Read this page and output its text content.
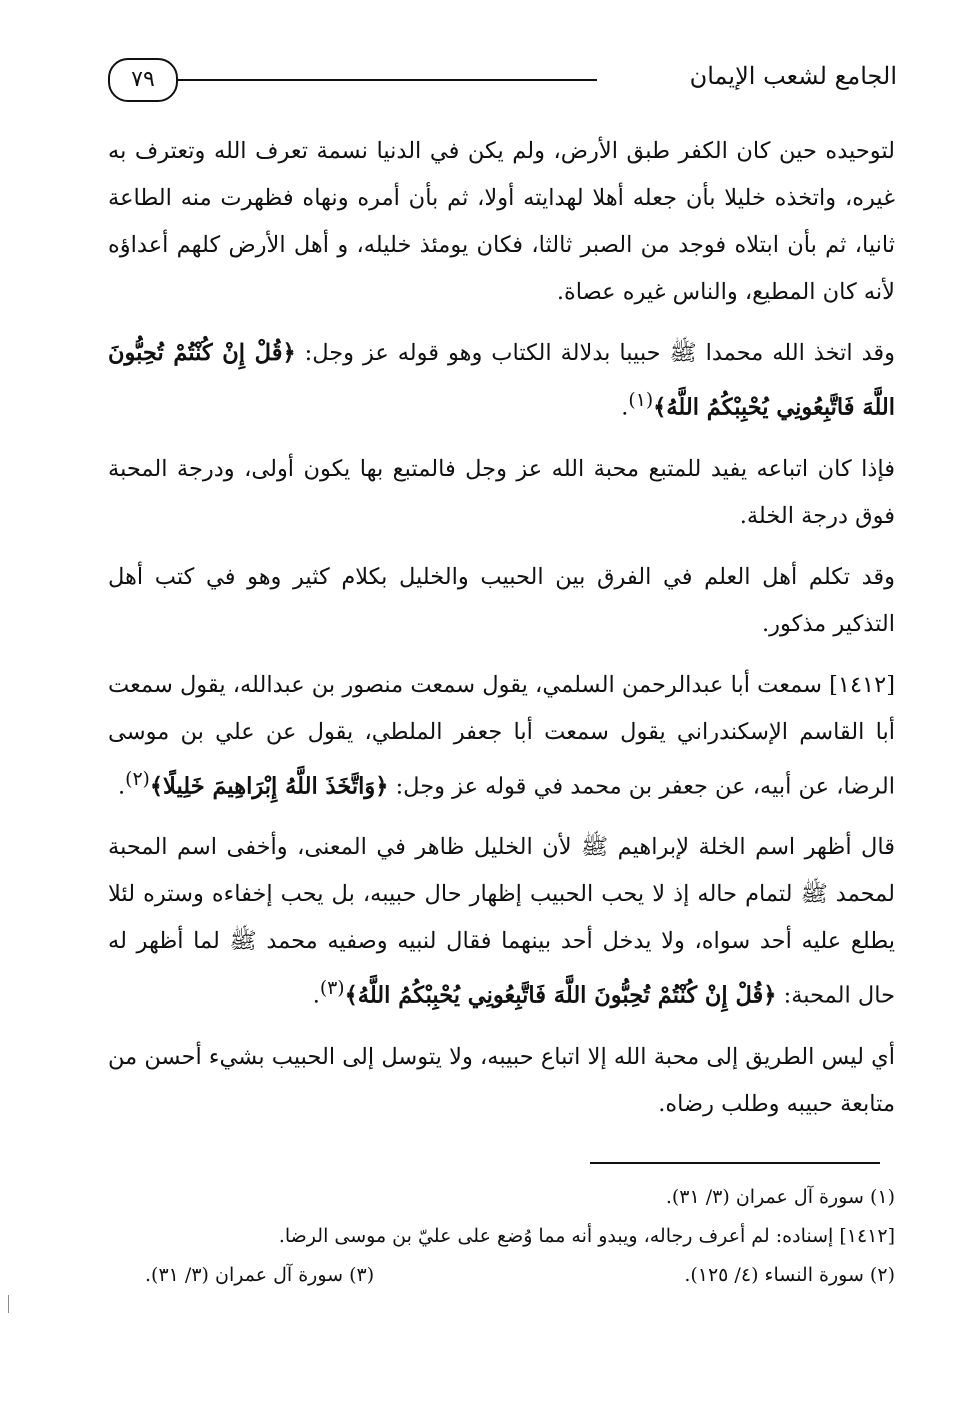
٧٩	الجامع لشعب الإيمان

لتوحيده حين كان الكفر طبق الأرض، ولم يكن في الدنيا نسمة تعرف الله وتعترف به غيره، واتخذه خليلا بأن جعله أهلا لهدايته أولا، ثم بأن أمره ونهاه فظهرت منه الطاعة ثانيا، ثم بأن ابتلاه فوجد من الصبر ثالثا، فكان يومئذ خليله، و أهل الأرض كلهم أعداؤه لأنه كان المطيع، والناس غيره عصاة.

وقد اتخذ الله محمدا ﷺ حبيبا بدلالة الكتاب وهو قوله عز وجل: ﴿قُلْ إِنْ كُنْتُمْ تُحِبُّونَ اللَّهَ فَاتَّبِعُونِي يُحْبِبْكُمُ اللَّهُ﴾$^{(١)}$.

فإذا كان اتباعه يفيد للمتبع محبة الله عز وجل فالمتبع بها يكون أولى، ودرجة المحبة فوق درجة الخلة.

وقد تكلم أهل العلم في الفرق بين الحبيب والخليل بكلام كثير وهو في كتب أهل التذكير مذكور.

[١٤١٢] سمعت أبا عبدالرحمن السلمي، يقول سمعت منصور بن عبدالله، يقول سمعت أبا القاسم الإسكندراني يقول سمعت أبا جعفر الملطي، يقول عن علي بن موسى الرضا، عن أبيه، عن جعفر بن محمد في قوله عز وجل: ﴿وَاتَّخَذَ اللَّهُ إِبْرَاهِيمَ خَلِيلًا﴾$^{(٢)}$.

قال أظهر اسم الخلة لإبراهيم ﷺ لأن الخليل ظاهر في المعنى، وأخفى اسم المحبة لمحمد ﷺ لتمام حاله إذ لا يحب الحبيب إظهار حال حبيبه، بل يحب إخفاءه وستره لئلا يطلع عليه أحد سواه، ولا يدخل أحد بينهما فقال لنبيه وصفيه محمد ﷺ لما أظهر له حال المحبة: ﴿قُلْ إِنْ كُنْتُمْ تُحِبُّونَ اللَّهَ فَاتَّبِعُونِي يُحْبِبْكُمُ اللَّهُ﴾$^{(٣)}$.

أي ليس الطريق إلى محبة الله إلا اتباع حبيبه، ولا يتوسل إلى الحبيب بشيء أحسن من متابعة حبيبه وطلب رضاه.

(١) سورة آل عمران (٣/ ٣١).
[١٤١٢] إسناده: لم أعرف رجاله، ويبدو أنه مما وُضع على عليّ بن موسى الرضا.
(٢) سورة النساء (٤/ ١٢٥).
(٣) سورة آل عمران (٣/ ٣١).
